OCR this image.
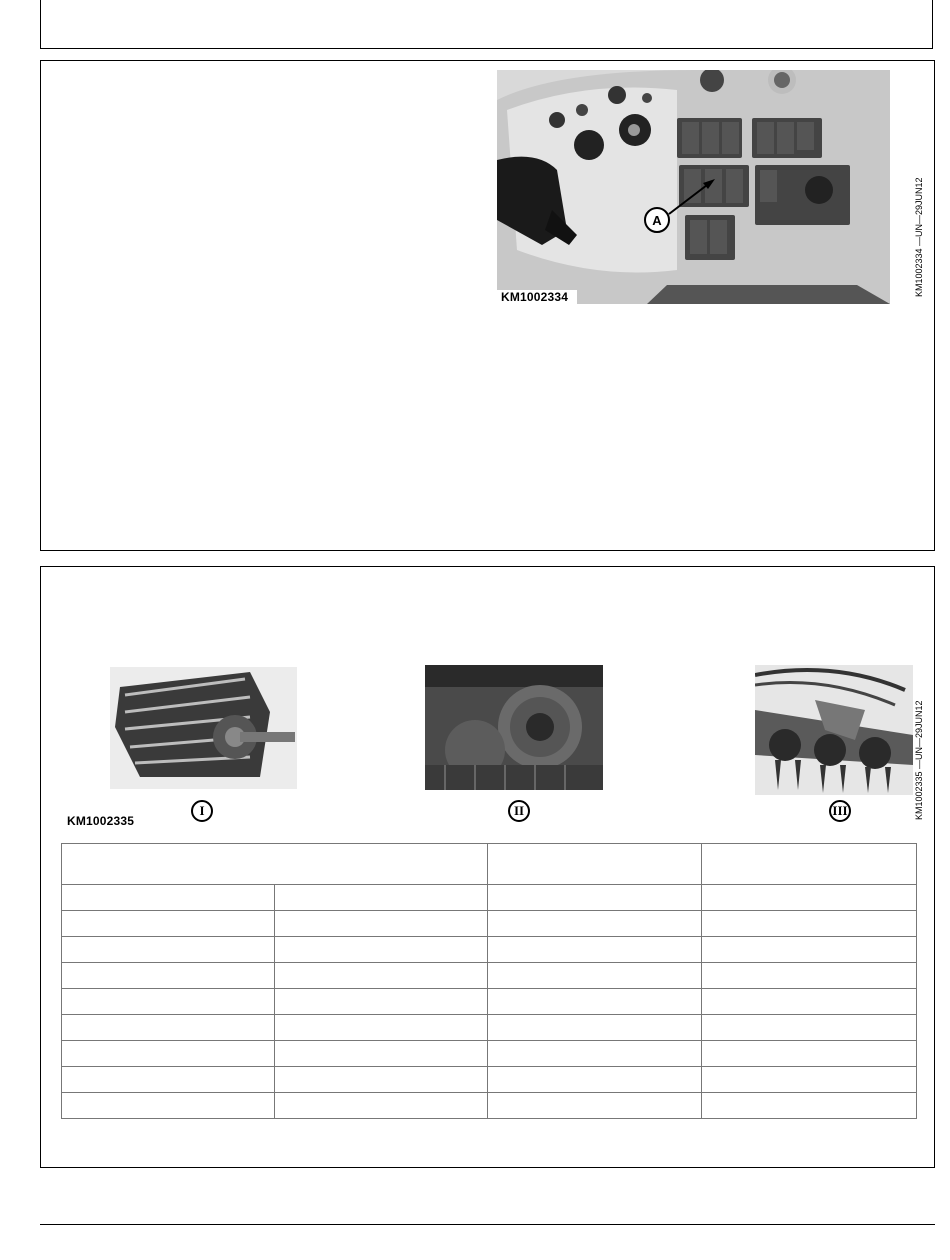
A
KM1002334	KM1002334 —UN—29JUN12
KM1002335
I	II	III	KM1002335 —UN—29JUN12
